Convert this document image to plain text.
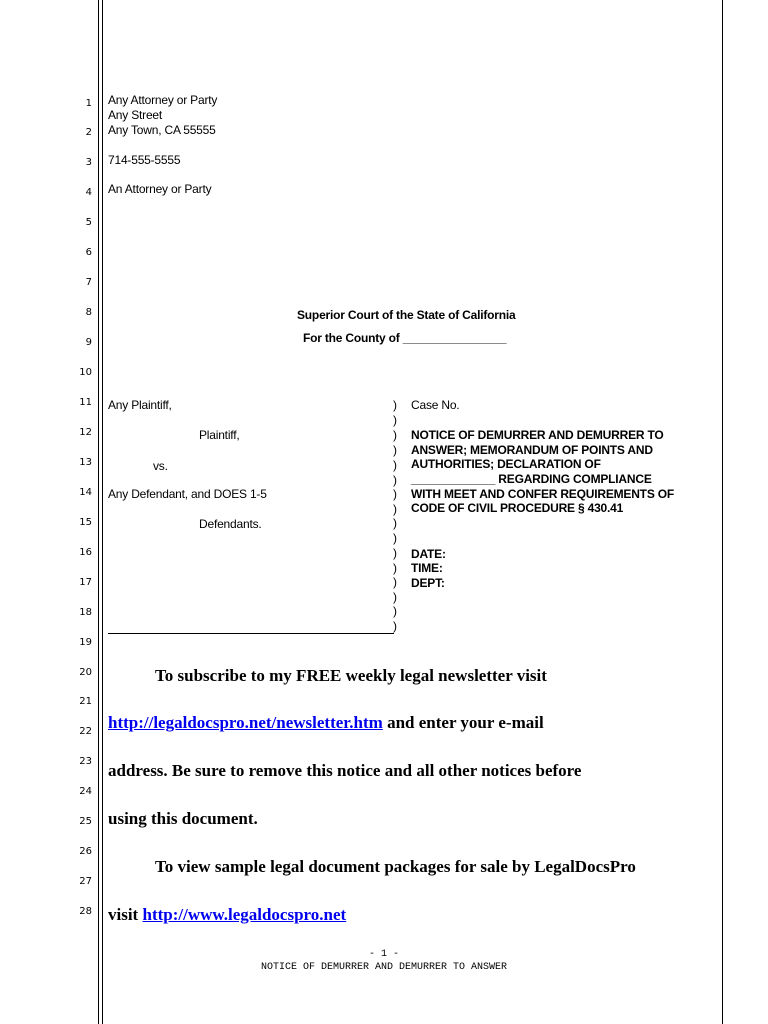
1
2
3
4
5
6
7
8
9
10
11
12
13
14
15
16
17
18
19
20
21
22
23
24
25
26
27
28
Any Attorney or Party
Any Street
Any Town, CA 55555
714-555-5555
An Attorney or Party
Superior Court of the State of California
For the County of ________________
Any Plaintiff,
Plaintiff,
vs.
Any Defendant, and DOES 1-5
Defendants.
)
)
)
)
)
)
)
)
)
)
)
)
)
)
)
)
Case No.
NOTICE OF DEMURRER AND DEMURRER TO
ANSWER; MEMORANDUM OF POINTS AND
AUTHORITIES; DECLARATION OF
_____________ REGARDING COMPLIANCE
WITH MEET AND CONFER REQUIREMENTS OF
CODE OF CIVIL PROCEDURE § 430.41
DATE:
TIME:
DEPT:
To subscribe to my FREE weekly legal newsletter visit
http://legaldocspro.net/newsletter.htm and enter your e-mail
address. Be sure to remove this notice and all other notices before
using this document.
To view sample legal document packages for sale by LegalDocsPro
visit http://www.legaldocspro.net
- 1 -
NOTICE OF DEMURRER AND DEMURRER TO ANSWER
